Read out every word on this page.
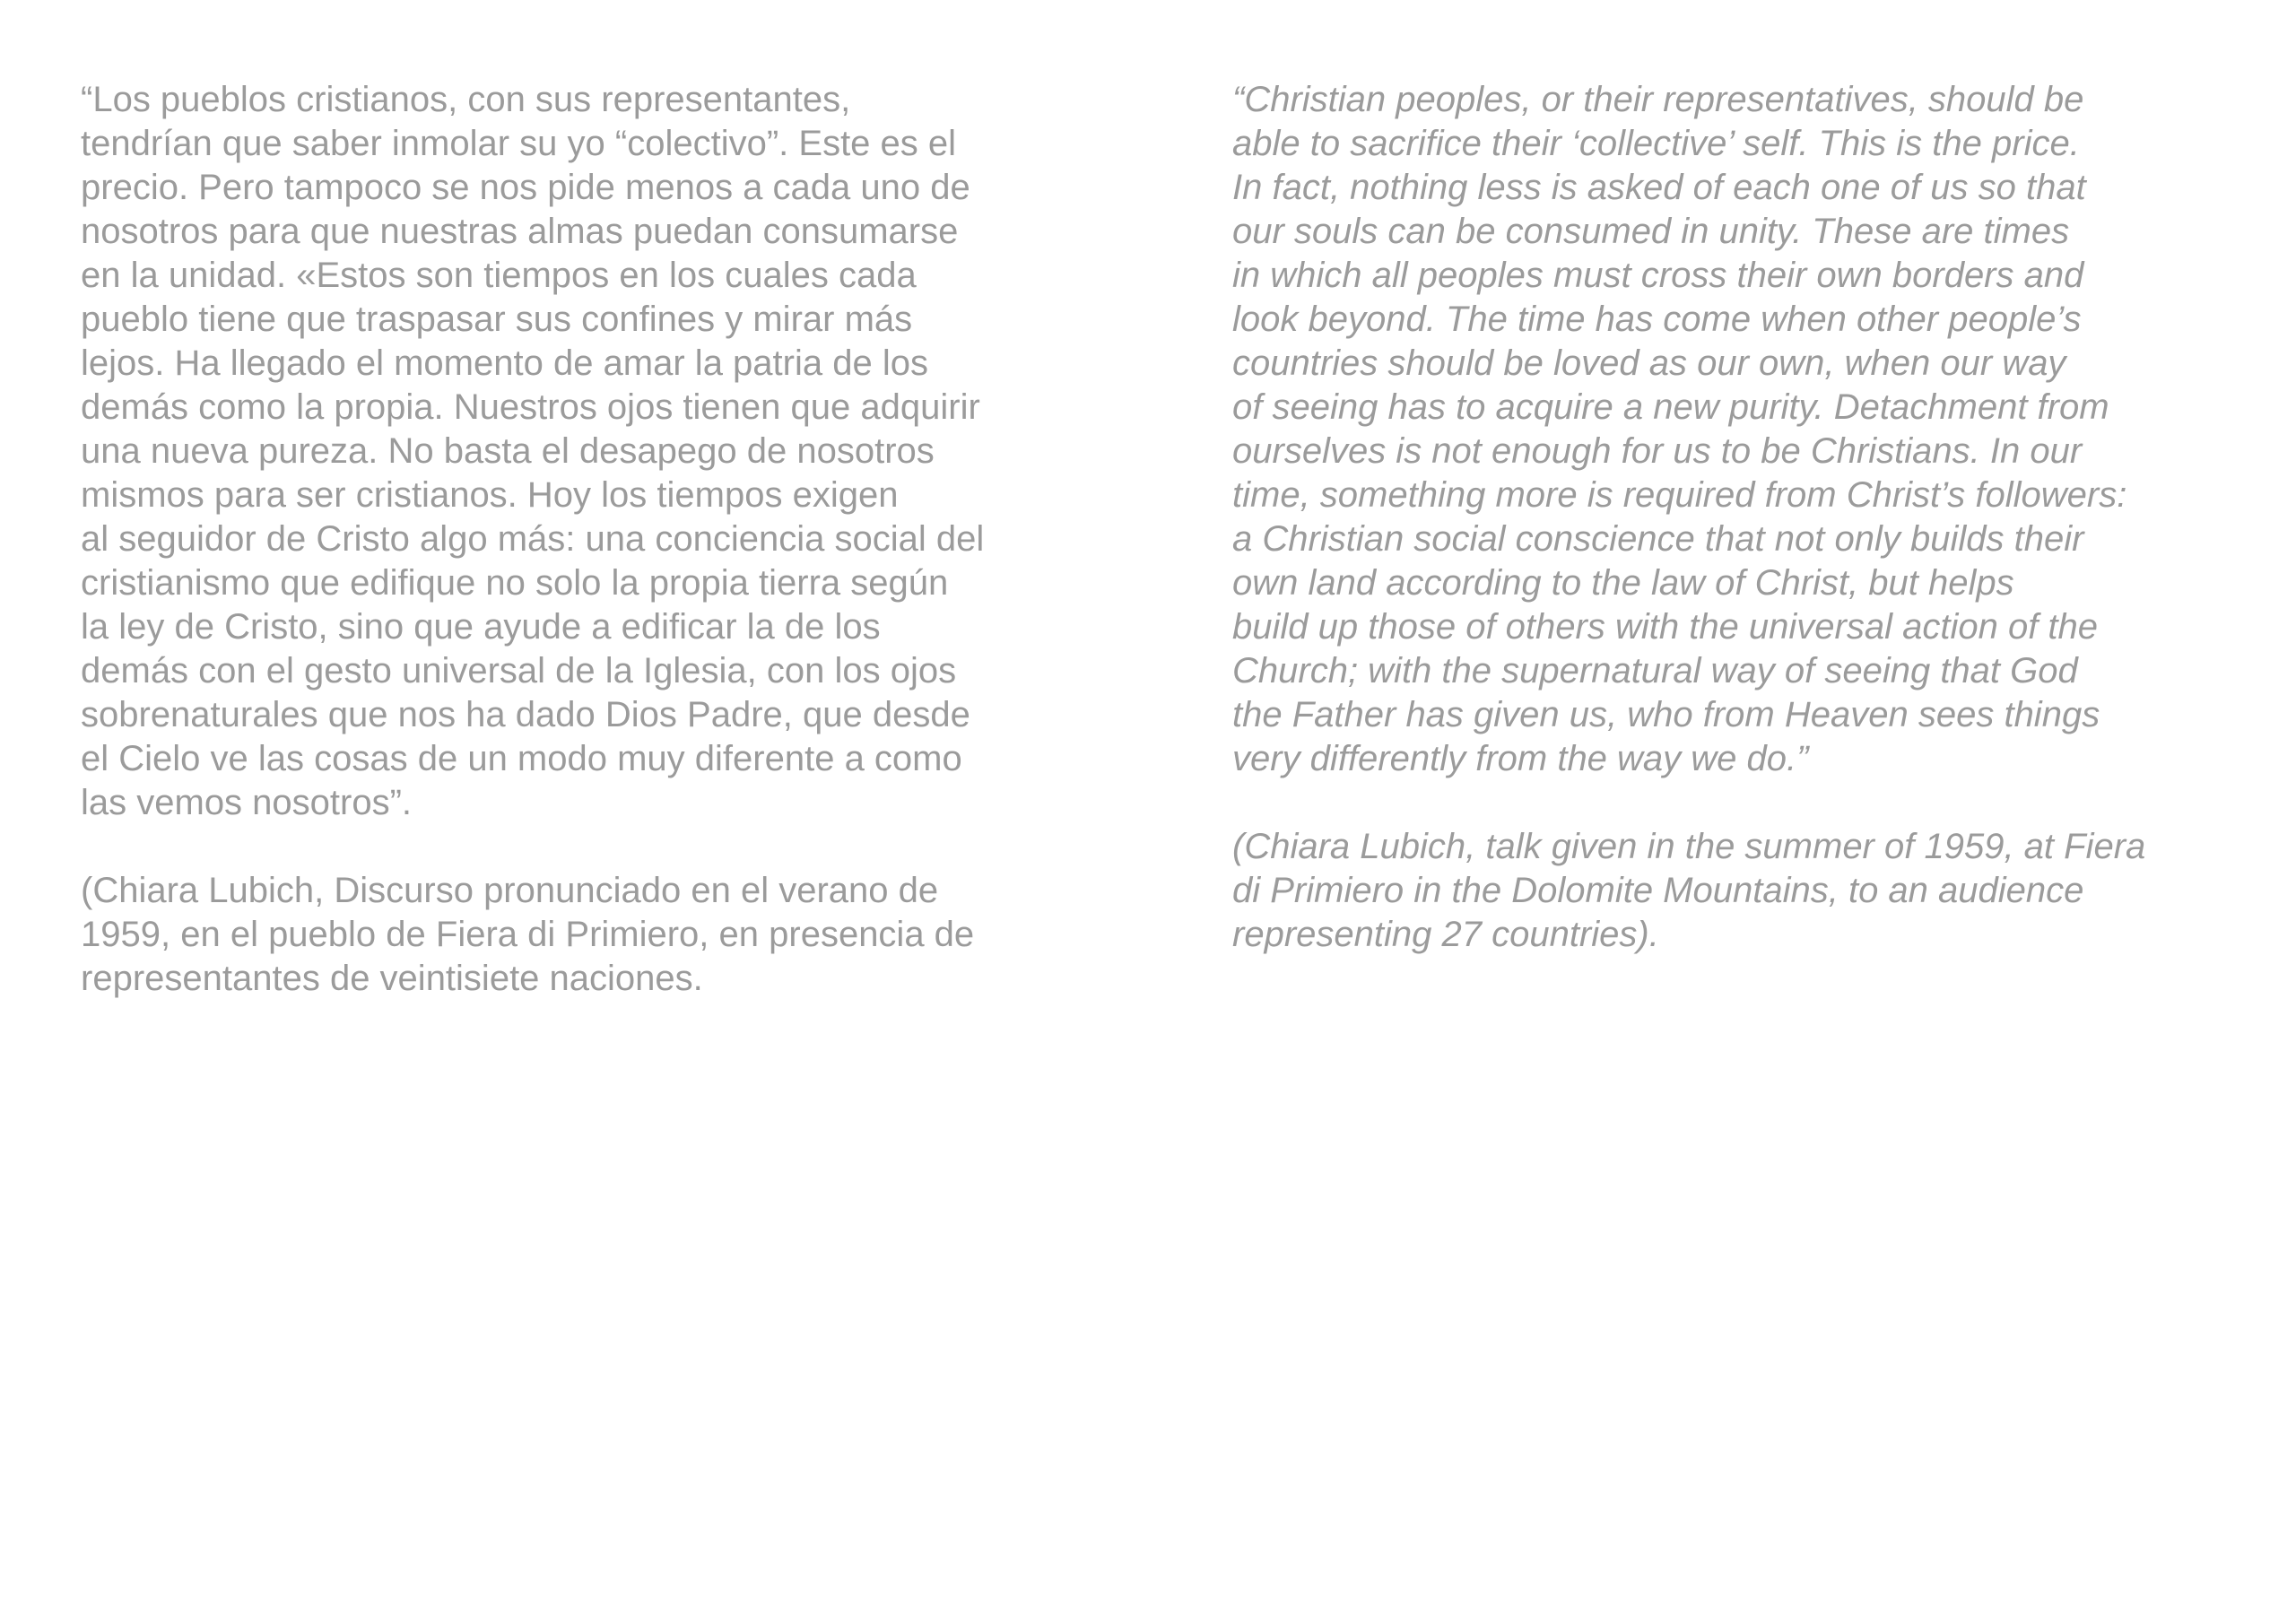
“Los pueblos cristianos, con sus representantes,
tendrían que saber inmolar su yo “colectivo”. Este es el
precio. Pero tampoco se nos pide menos a cada uno de
nosotros para que nuestras almas puedan consumarse
en la unidad. «Estos son tiempos en los cuales cada
pueblo tiene que traspasar sus confines y mirar más
lejos. Ha llegado el momento de amar la patria de los
demás como la propia. Nuestros ojos tienen que adquirir
una nueva pureza. No basta el desapego de nosotros
mismos para ser cristianos. Hoy los tiempos exigen
al seguidor de Cristo algo más: una conciencia social del
cristianismo que edifique no solo la propia tierra según
la ley de Cristo, sino que ayude a edificar la de los
demás con el gesto universal de la Iglesia, con los ojos
sobrenaturales que nos ha dado Dios Padre, que desde
el Cielo ve las cosas de un modo muy diferente a como
las vemos nosotros”.
(Chiara Lubich, Discurso pronunciado en el verano de
1959, en el pueblo de Fiera di Primiero, en presencia de
representantes de veintisiete naciones.
“Christian peoples, or their representatives, should be
able to sacrifice their ‘collective’ self. This is the price.
In fact, nothing less is asked of each one of us so that
our souls can be consumed in unity. These are times
in which all peoples must cross their own borders and
look beyond. The time has come when other people’s
countries should be loved as our own, when our way
of seeing has to acquire a new purity. Detachment from
ourselves is not enough for us to be Christians. In our
time, something more is required from Christ’s followers:
a Christian social conscience that not only builds their
own land according to the law of Christ, but helps
build up those of others with the universal action of the
Church; with the supernatural way of seeing that God
the Father has given us, who from Heaven sees things
very differently from the way we do.”
(Chiara Lubich, talk given in the summer of 1959, at Fiera
di Primiero in the Dolomite Mountains, to an audience
representing 27 countries).
